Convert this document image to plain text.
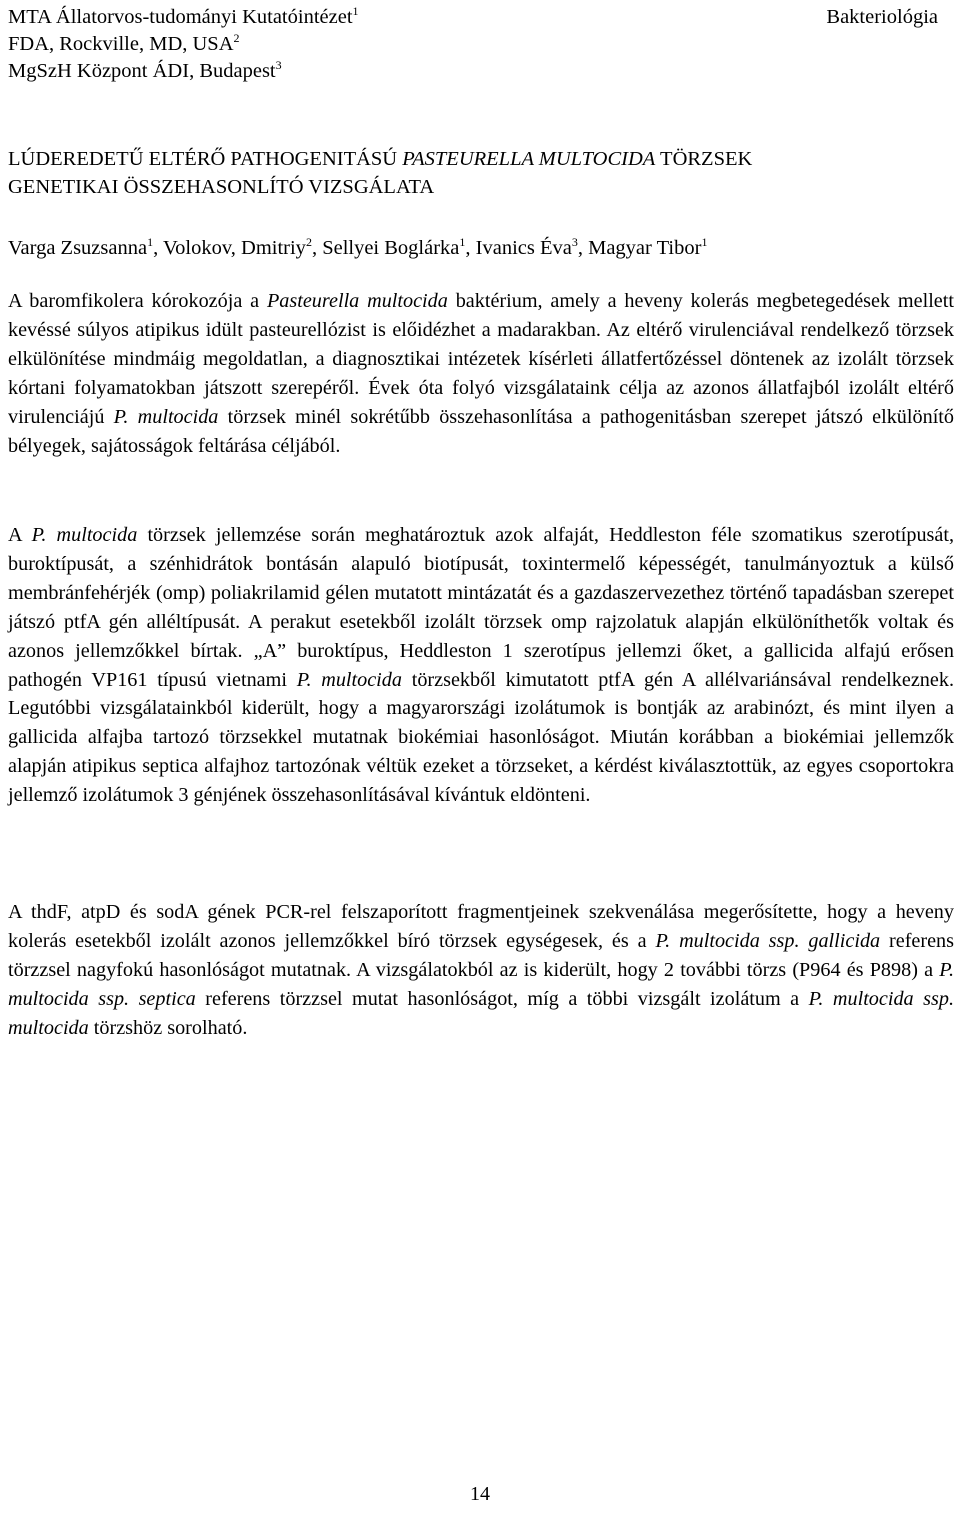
MTA Állatorvos-tudományi Kutatóintézet$^1$
FDA, Rockville, MD, USA$^2$
MgSzH Központ ÁDI, Budapest$^3$
Bakteriológia
LÚDEREDETŰ ELTÉRŐ PATHOGENITÁSÚ PASTEURELLA MULTOCIDA TÖRZSEK
GENETIKAI ÖSSZEHASONLÍTÓ VIZSGÁLATA
Varga Zsuzsanna$^1$, Volokov, Dmitriy$^2$, Sellyei Boglárka$^1$, Ivanics Éva$^3$, Magyar Tibor$^1$

A baromfikolera kórokozója a Pasteurella multocida baktérium, amely a heveny kolerás megbetegedések mellett kevéssé súlyos atipikus idült pasteurellózist is előidézhet a madarakban. Az eltérő virulenciával rendelkező törzsek elkülönítése mindmáig megoldatlan, a diagnosztikai intézetek kísérleti állatfertőzéssel döntenek az izolált törzsek kórtani folyamatokban játszott szerepéről. Évek óta folyó vizsgálataink célja az azonos állatfajból izolált eltérő virulenciájú P. multocida törzsek minél sokrétűbb összehasonlítása a pathogenitásban szerepet játszó elkülönítő bélyegek, sajátosságok feltárása céljából.

A P. multocida törzsek jellemzése során meghatároztuk azok alfaját, Heddleston féle szomatikus szerotípusát, buroktípusát, a szénhidrátok bontásán alapuló biotípusát, toxintermelő képességét, tanulmányoztuk a külső membránfehérjék (omp) poliakrilamid gélen mutatott mintázatát és a gazdaszervezethez történő tapadásban szerepet játszó ptfA gén alléltípusát. A perakut esetekből izolált törzsek omp rajzolatuk alapján elkülöníthetők voltak és azonos jellemzőkkel bírtak. „A” buroktípus, Heddleston 1 szerotípus jellemzi őket, a gallicida alfajú erősen pathogén VP161 típusú vietnami P. multocida törzsekből kimutatott ptfA gén A allélvariánsával rendelkeznek. Legutóbbi vizsgálatainkból kiderült, hogy a magyarországi izolátumok is bontják az arabinózt, és mint ilyen a gallicida alfajba tartozó törzsekkel mutatnak biokémiai hasonlóságot. Miután korábban a biokémiai jellemzők alapján atipikus septica alfajhoz tartozónak véltük ezeket a törzseket, a kérdést kiválasztottük, az egyes csoportokra jellemző izolátumok 3 génjének összehasonlításával kívántuk eldönteni.

A thdF, atpD és sodA gének PCR-rel felszaporított fragmentjeinek szekvenálása megerősítette, hogy a heveny kolerás esetekből izolált azonos jellemzőkkel bíró törzsek egységesek, és a P. multocida ssp. gallicida referens törzzsel nagyfokú hasonlóságot mutatnak. A vizsgálatokból az is kiderült, hogy 2 további törzs (P964 és P898) a P. multocida ssp. septica referens törzzsel mutat hasonlóságot, míg a többi vizsgált izolátum a P. multocida ssp. multocida törzshöz sorolható.

14
